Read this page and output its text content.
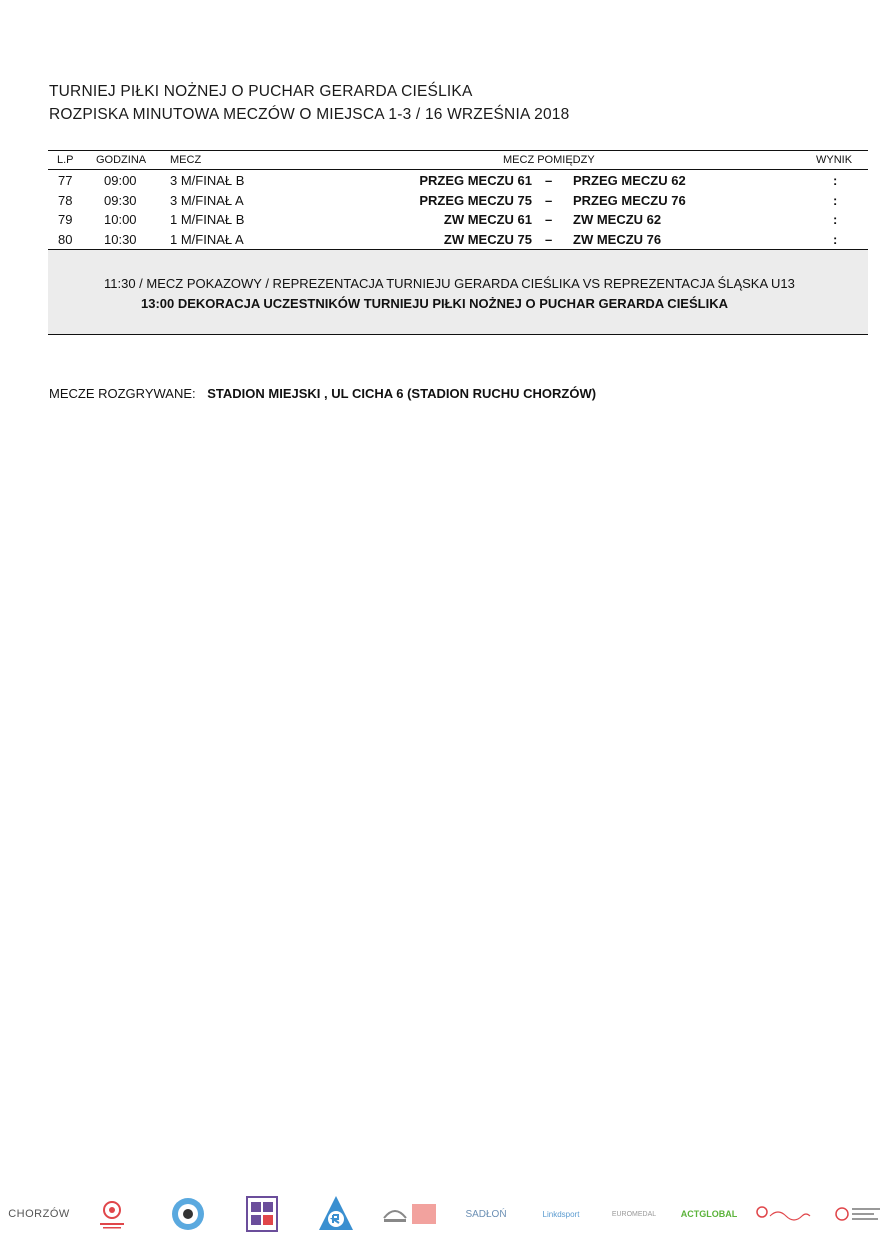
TURNIEJ PIŁKI NOŻNEJ O PUCHAR GERARDA CIEŚLIKA
ROZPISKA MINUTOWA MECZÓW O MIEJSCA 1-3 / 16 WRZEŚNIA 2018
L.P GODZINA MECZ	MECZ POMIĘDZY	WYNIK
77 09:00	3 M/FINAŁ B	PRZEG MECZU 61 – PRZEG MECZU 62	:
78 09:30	3 M/FINAŁ A	PRZEG MECZU 75 – PRZEG MECZU 76	:
79 10:00	1 M/FINAŁ B	ZW MECZU 61 – ZW MECZU 62	:
80 10:30	1 M/FINAŁ A	ZW MECZU 75 – ZW MECZU 76	:
11:30 / MECZ POKAZOWY / REPREZENTACJA TURNIEJU GERARDA CIEŚLIKA VS REPREZENTACJA ŚLĄSKA U13
13:00 DEKORACJA UCZESTNIKÓW TURNIEJU PIŁKI NOŻNEJ O PUCHAR GERARDA CIEŚLIKA
MECZE ROZGRYWANE: STADION MIEJSKI , UL CICHA 6 (STADION RUCHU CHORZÓW)
CHORZÓW	SADŁOŃ	Linkdsport	EUROMEDAL	ACTGLOBAL
